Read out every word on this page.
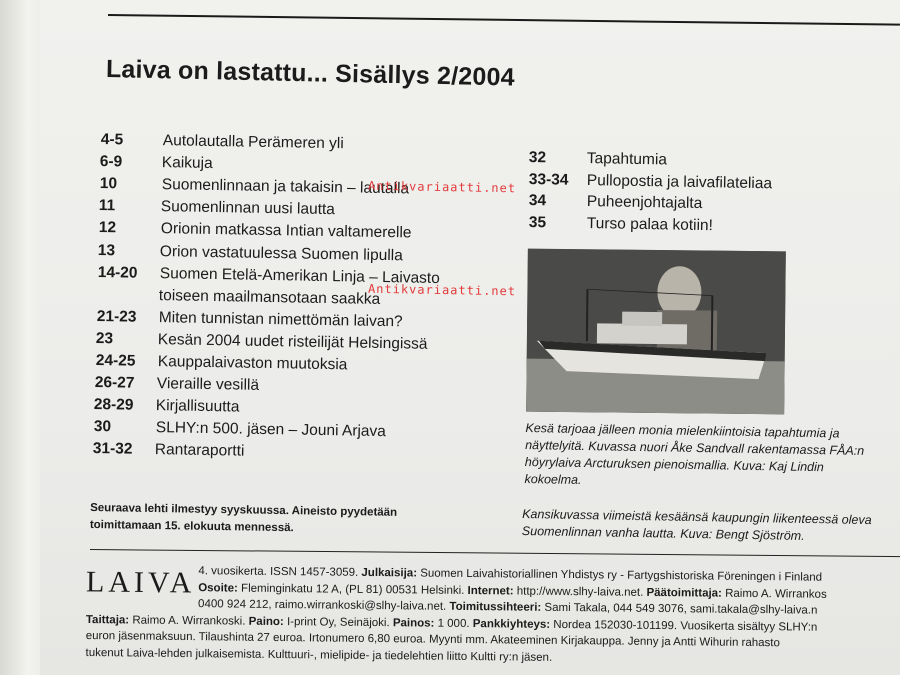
Laiva on lastattu... Sisällys 2/2004
4-5	Autolautalla Perämeren yli
6-9	Kaikuja
10	Suomenlinnaan ja takaisin – lautalla
11	Suomenlinnan uusi lautta
12	Orionin matkassa Intian valtamerelle
13	Orion vastatuulessa Suomen lipulla
14-20 Suomen Etelä-Amerikan Linja – Laivasto
toiseen maailmansotaan saakka
21-23 Miten tunnistan nimettömän laivan?
23	Kesän 2004 uudet risteilijät Helsingissä
24-25 Kauppalaivaston muutoksia
26-27 Vieraille vesillä
28-29 Kirjallisuutta
30	SLHY:n 500. jäsen – Jouni Arjava
31-32 Rantaraportti
32	Tapahtumia
33-34 Pullopostia ja laivafilateliaa
34	Puheenjohtajalta
35	Turso palaa kotiin!
Antikvariaatti.net
Antikvariaatti.net
Kesä tarjoaa jälleen monia mielenkiintoisia tapahtumia ja näyttelyitä. Kuvassa nuori Åke Sandvall rakentamassa FÅA:n höyrylaiva Arcturuksen pienoismallia. Kuva: Kaj Lindin kokoelma.
Kansikuvassa viimeistä kesäänsä kaupungin liikenteessä oleva Suomenlinnan vanha lautta. Kuva: Bengt Sjöström.
Seuraava lehti ilmestyy syyskuussa. Aineisto pyydetään toimittamaan 15. elokuuta mennessä.
LAIVA 4. vuosikerta. ISSN 1457-3059. Julkaisija: Suomen Laivahistoriallinen Yhdistys ry - Fartygshistoriska Föreningen i Finland
Osoite: Fleminginkatu 12 A, (PL 81) 00531 Helsinki. Internet: http://www.slhy-laiva.net. Päätoimittaja: Raimo A. Wirrankos
0400 924 212, raimo.wirrankoski@slhy-laiva.net. Toimitussihteeri: Sami Takala, 044 549 3076, sami.takala@slhy-laiva.n
Taittaja: Raimo A. Wirrankoski. Paino: I-print Oy, Seinäjoki. Painos: 1 000. Pankkiyhteys: Nordea 152030-101199. Vuosikerta sisältyy SLHY:n
euron jäsenmaksuun. Tilaushinta 27 euroa. Irtonumero 6,80 euroa. Myynti mm. Akateeminen Kirjakauppa. Jenny ja Antti Wihurin rahasto
tukenut Laiva-lehden julkaisemista. Kulttuuri-, mielipide- ja tiedelehtien liitto Kultti ry:n jäsen.
